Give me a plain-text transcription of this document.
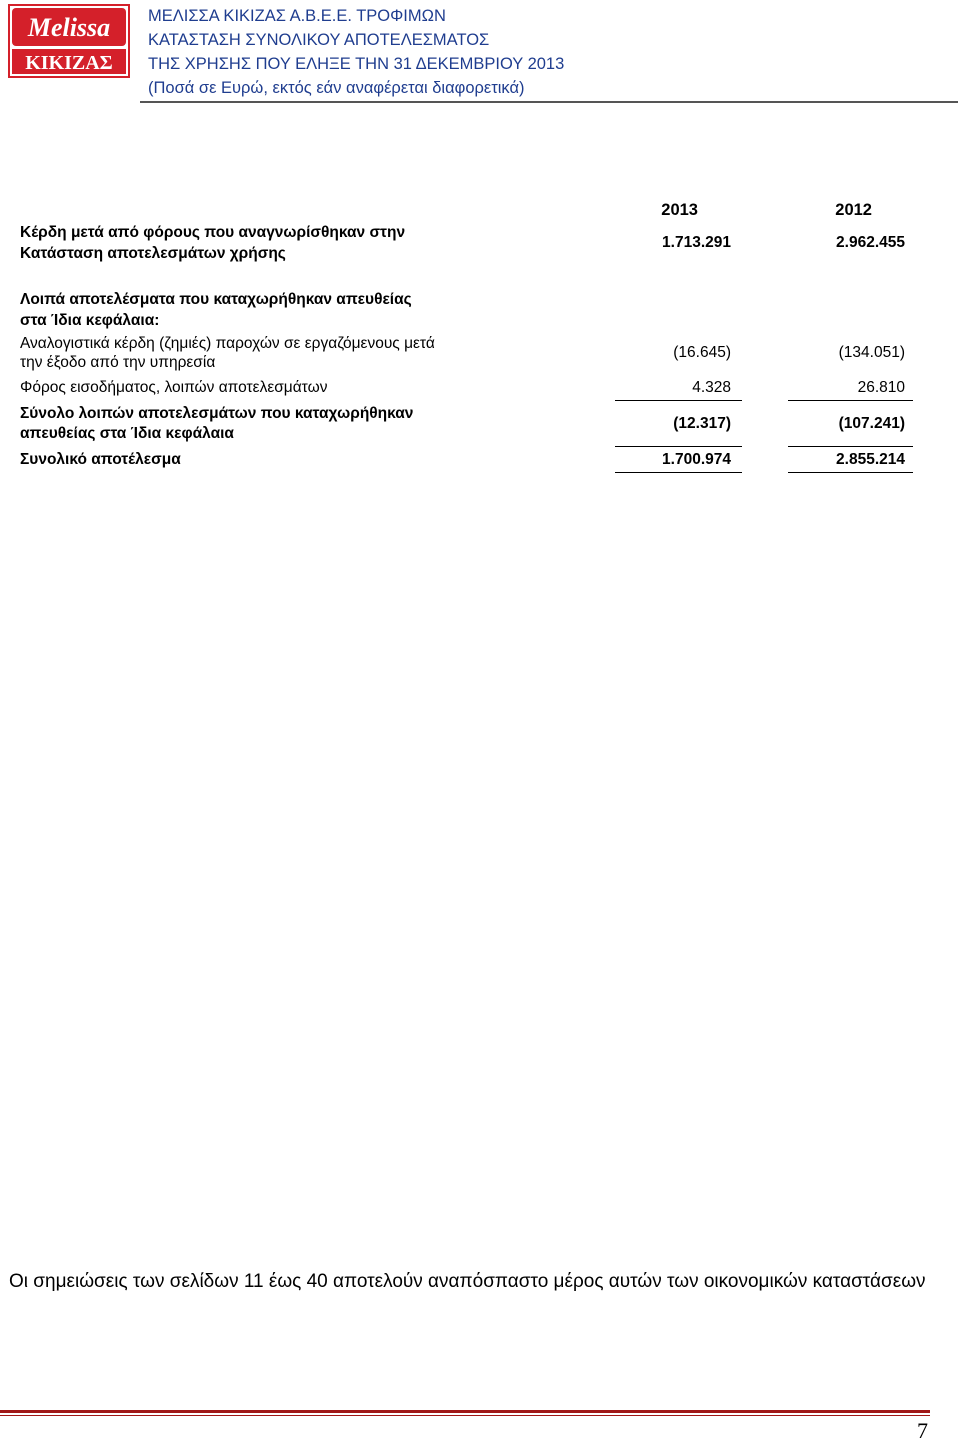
Melissa
ΚΙΚΙΖΑΣ
ΜΕΛΙΣΣΑ ΚΙΚΙΖΑΣ Α.Β.Ε.Ε. ΤΡΟΦΙΜΩΝ
ΚΑΤΑΣΤΑΣΗ ΣΥΝΟΛΙΚΟΥ ΑΠΟΤΕΛΕΣΜΑΤΟΣ
ΤΗΣ ΧΡΗΣΗΣ ΠΟΥ ΕΛΗΞΕ ΤΗΝ 31 ΔΕΚΕΜΒΡΙΟΥ 2013
(Ποσά σε Ευρώ, εκτός εάν αναφέρεται διαφορετικά)
2013	2012
Κέρδη μετά από φόρους που αναγνωρίσθηκαν στην
Κατάσταση αποτελεσμάτων χρήσης
1.713.291	2.962.455
Λοιπά αποτελέσματα που καταχωρήθηκαν απευθείας
στα Ίδια κεφάλαια:
Αναλογιστικά κέρδη (ζημιές) παροχών σε εργαζόμενους μετά
την έξοδο από την υπηρεσία
(16.645)	(134.051)
Φόρος εισοδήματος, λοιπών αποτελεσμάτων	4.328	26.810
Σύνολο λοιπών αποτελεσμάτων που καταχωρήθηκαν
απευθείας στα Ίδια κεφάλαια
(12.317)	(107.241)
Συνολικό αποτέλεσμα	1.700.974	2.855.214
Οι σημειώσεις των σελίδων 11 έως 40 αποτελούν αναπόσπαστο μέρος αυτών των οικονομικών καταστάσεων
7
